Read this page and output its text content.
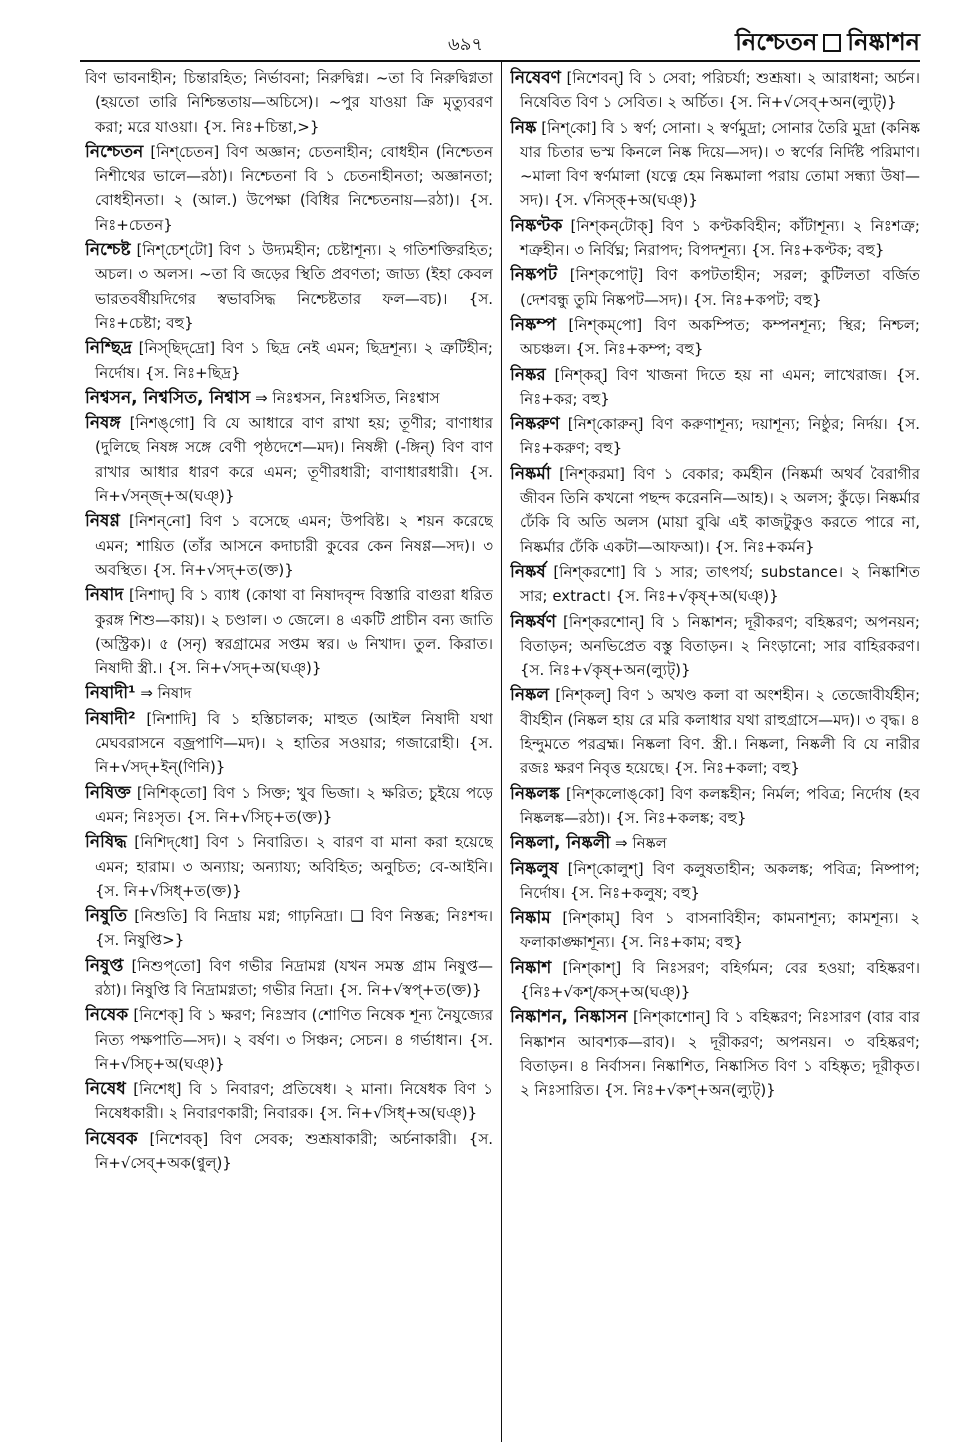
৬৯৭	নিশ্চেতন নিষ্কাশন
বিণ ভাবনাহীন; চিন্তারহিত; নির্ভাবনা; নিরুদ্বিগ্ন। ~তা বি নিরুদ্বিগ্নতা (হয়তো তারি নিশ্চিন্ততায়—অচিসে)। ~পুর যাওয়া ক্রি মৃত্যুবরণ করা; মরে যাওয়া। {স. নিঃ+চিন্তা,>}
নিশ্চেতন [নিশ্‌চেতন] বিণ অজ্ঞান; চেতনাহীন; বোধহীন (নিশ্চেতন নিশীথের ভালে—রঠা)। নিশ্চেতনা বি ১ চেতনাহীনতা; অজ্ঞানতা; বোধহীনতা। ২ (আল.) উপেক্ষা (বিধির নিশ্চেতনায়—রঠা)। {স. নিঃ+চেতন}
নিশ্চেষ্ট [নিশ্‌চেশ্‌টো] বিণ ১ উদ্যমহীন; চেষ্টাশূন্য। ২ গতিশক্তিরহিত; অচল। ৩ অলস। ~তা বি জড়ের স্থিতি প্রবণতা; জাড্য (ইহা কেবল ভারতবর্ষীয়দিগের স্বভাবসিদ্ধ নিশ্চেষ্টতার ফল—বচ)। {স. নিঃ+চেষ্টা; বহু}
নিশ্ছিদ্র [নিস্‌ছিদ্‌দ্রো] বিণ ১ ছিদ্র নেই এমন; ছিদ্রশূন্য। ২ ত্রুটিহীন; নির্দোষ। {স. নিঃ+ছিদ্র}
নিশ্বসন, নিশ্বসিত, নিশ্বাস ⇒ নিঃশ্বসন, নিঃশ্বসিত, নিঃশ্বাস
নিষঙ্গ [নিশঙ্‌গো] বি যে আধারে বাণ রাখা হয়; তূণীর; বাণাধার (দুলিছে নিষঙ্গ সঙ্গে বেণী পৃষ্ঠদেশে—মদ)। নিষঙ্গী (-ঙ্গিন্) বিণ বাণ রাখার আধার ধারণ করে এমন; তূণীরধারী; বাণাধারধারী। {স. নি+√সন্‌জ্+অ(ঘঞ্)}
নিষণ্ণ [নিশন্‌নো] বিণ ১ বসেছে এমন; উপবিষ্ট। ২ শয়ন করেছে এমন; শায়িত (তাঁর আসনে কদাচারী কুবের কেন নিষণ্ণ—সদ)। ৩ অবস্থিত। {স. নি+√সদ্+ত(ক্ত)}
নিষাদ [নিশাদ্] বি ১ ব্যাধ (কোথা বা নিষাদবৃন্দ বিস্তারি বাগুরা ধরিত কুরঙ্গ শিশু—কায়)। ২ চণ্ডাল। ৩ জেলে। ৪ একটি প্রাচীন বন্য জাতি (অস্ট্রিক)। ৫ (সনৃ) স্বরগ্রামের সপ্তম স্বর। ৬ নিখাদ। তুল. কিরাত। নিষাদী স্ত্রী.। {স. নি+√সদ্+অ(ঘঞ্)}
নিষাদী¹ ⇒ নিষাদ
নিষাদী² [নিশাদি] বি ১ হস্তিচালক; মাহুত (আইল নিষাদী যথা মেঘবরাসনে বজ্রপাণি—মদ)। ২ হাতির সওয়ার; গজারোহী। {স. নি+√সদ্+ইন্(ণিনি)}
নিষিক্ত [নিশিক্‌তো] বিণ ১ সিক্ত; খুব ভিজা। ২ ক্ষরিত; চুইয়ে পড়ে এমন; নিঃসৃত। {স. নি+√সিচ্+ত(ক্ত)}
নিষিদ্ধ [নিশিদ্‌ধো] বিণ ১ নিবারিত। ২ বারণ বা মানা করা হয়েছে এমন; হারাম। ৩ অন্যায়; অন্যায্য; অবিহিত; অনুচিত; বে-আইনি। {স. নি+√সিধ্+ত(ক্ত)}
নিষুতি [নিশুতি] বি নিদ্রায় মগ্ন; গাঢ়নিদ্রা। ❑ বিণ নিস্তব্ধ; নিঃশব্দ। {স. নিষুপ্তি>}
নিষুপ্ত [নিশুপ্‌তো] বিণ গভীর নিদ্রামগ্ন (যখন সমস্ত গ্রাম নিষুপ্ত—রঠা)। নিষুপ্তি বি নিদ্রামগ্নতা; গভীর নিদ্রা। {স. নি+√স্বপ্+ত(ক্ত)}
নিষেক [নিশেক্] বি ১ ক্ষরণ; নিঃস্রাব (শোণিত নিষেক শূন্য নৈযুজ্যের নিত্য পক্ষপাতি—সদ)। ২ বর্ষণ। ৩ সিঞ্চন; সেচন। ৪ গর্ভাধান। {স. নি+√সিচ্+অ(ঘঞ্)}
নিষেধ [নিশেধ্] বি ১ নিবারণ; প্রতিষেধ। ২ মানা। নিষেধক বিণ ১ নিষেধকারী। ২ নিবারণকারী; নিবারক। {স. নি+√সিধ্+অ(ঘঞ্)}
নিষেবক [নিশেবক্] বিণ সেবক; শুশ্রূষাকারী; অর্চনাকারী। {স. নি+√সেব্+অক(ণ্বুল্)}
নিষেবণ [নিশেবন্] বি ১ সেবা; পরিচর্যা; শুশ্রূষা। ২ আরাধনা; অর্চন। নিষেবিত বিণ ১ সেবিত। ২ অর্চিত। {স. নি+√সেব্+অন(ল্যুট্)}
নিষ্ক [নিশ্‌কো] বি ১ স্বর্ণ; সোনা। ২ স্বর্ণমুদ্রা; সোনার তৈরি মুদ্রা (কনিষ্ক যার চিতার ভস্ম কিনলে নিষ্ক দিয়ে—সদ)। ৩ স্বর্ণের নির্দিষ্ট পরিমাণ। ~মালা বিণ স্বর্ণমালা (যত্নে হেম নিষ্কমালা পরায় তোমা সন্ধ্যা উষা—সদ)। {স. √নিস্ক্+অ(ঘঞ্)}
নিষ্কণ্টক [নিশ্‌কন্‌টোক্] বিণ ১ কণ্টকবিহীন; কাঁটাশূন্য। ২ নিঃশত্রু; শত্রুহীন। ৩ নির্বিঘ্ন; নিরাপদ; বিপদশূন্য। {স. নিঃ+কণ্টক; বহু}
নিষ্কপট [নিশ্‌কপোট্] বিণ কপটতাহীন; সরল; কুটিলতা বর্জিত (দেশবন্ধু তুমি নিষ্কপট—সদ)। {স. নিঃ+কপট; বহু}
নিষ্কম্প [নিশ্‌কম্‌পো] বিণ অকম্পিত; কম্পনশূন্য; স্থির; নিশ্চল; অচঞ্চল। {স. নিঃ+কম্প; বহু}
নিষ্কর [নিশ্‌কর্] বিণ খাজনা দিতে হয় না এমন; লাখেরাজ। {স. নিঃ+কর; বহু}
নিষ্করুণ [নিশ্‌কোরুন্] বিণ করুণাশূন্য; দয়াশূন্য; নিষ্ঠুর; নির্দয়। {স. নিঃ+করুণ; বহু}
নিষ্কর্মা [নিশ্‌করমা] বিণ ১ বেকার; কর্মহীন (নিষ্কর্মা অথর্ব বৈরাগীর জীবন তিনি কখনো পছন্দ করেননি—আহ)। ২ অলস; কুঁড়ে। নিষ্কর্মার ঢেঁকি বি অতি অলস (মায়া বুঝি এই কাজটুকুও করতে পারে না, নিষ্কর্মার ঢেঁকি একটা—আফআ)। {স. নিঃ+কর্মন}
নিষ্কর্ষ [নিশ্‌করশো] বি ১ সার; তাৎপর্য; substance। ২ নিষ্কাশিত সার; extract। {স. নিঃ+√কৃষ্+অ(ঘঞ্)}
নিষ্কর্ষণ [নিশ্‌করশোন্] বি ১ নিষ্কাশন; দূরীকরণ; বহিষ্করণ; অপনয়ন; বিতাড়ন; অনভিপ্রেত বস্তু বিতাড়ন। ২ নিংড়ানো; সার বাহিরকরণ। {স. নিঃ+√কৃষ্+অন(ল্যুট্)}
নিষ্কল [নিশ্‌কল্] বিণ ১ অখণ্ড কলা বা অংশহীন। ২ তেজোবীর্যহীন; বীর্যহীন (নিষ্কল হায় রে মরি কলাধার যথা রাহুগ্রাসে—মদ)। ৩ বৃদ্ধ। ৪ হিন্দুমতে পরব্রহ্ম। নিষ্কলা বিণ. স্ত্রী.। নিষ্কলা, নিষ্কলী বি যে নারীর রজঃ ক্ষরণ নিবৃত্ত হয়েছে। {স. নিঃ+কলা; বহু}
নিষ্কলঙ্ক [নিশ্‌কলোঙ্‌কো] বিণ কলঙ্কহীন; নির্মল; পবিত্র; নির্দোষ (হব নিষ্কলঙ্ক—রঠা)। {স. নিঃ+কলঙ্ক; বহু}
নিষ্কলা, নিষ্কলী ⇒ নিষ্কল
নিষ্কলুষ [নিশ্‌কোলুশ্] বিণ কলুষতাহীন; অকলঙ্ক; পবিত্র; নিষ্পাপ; নির্দোষ। {স. নিঃ+কলুষ; বহু}
নিষ্কাম [নিশ্‌কাম্] বিণ ১ বাসনাবিহীন; কামনাশূন্য; কামশূন্য। ২ ফলাকাঙ্ক্ষাশূন্য। {স. নিঃ+কাম; বহু}
নিষ্কাশ [নিশ্‌কাশ্] বি নিঃসরণ; বহির্গমন; বের হওয়া; বহিষ্করণ। {নিঃ+√কশ্/কস্+অ(ঘঞ্)}
নিষ্কাশন, নিষ্কাসন [নিশ্‌কাশোন্] বি ১ বহিষ্করণ; নিঃসারণ (বার বার নিষ্কাশন আবশ্যক—রাব)। ২ দূরীকরণ; অপনয়ন। ৩ বহিষ্করণ; বিতাড়ন। ৪ নির্বাসন। নিষ্কাশিত, নিষ্কাসিত বিণ ১ বহিষ্কৃত; দূরীকৃত। ২ নিঃসারিত। {স. নিঃ+√কশ্+অন(ল্যুট্)}
